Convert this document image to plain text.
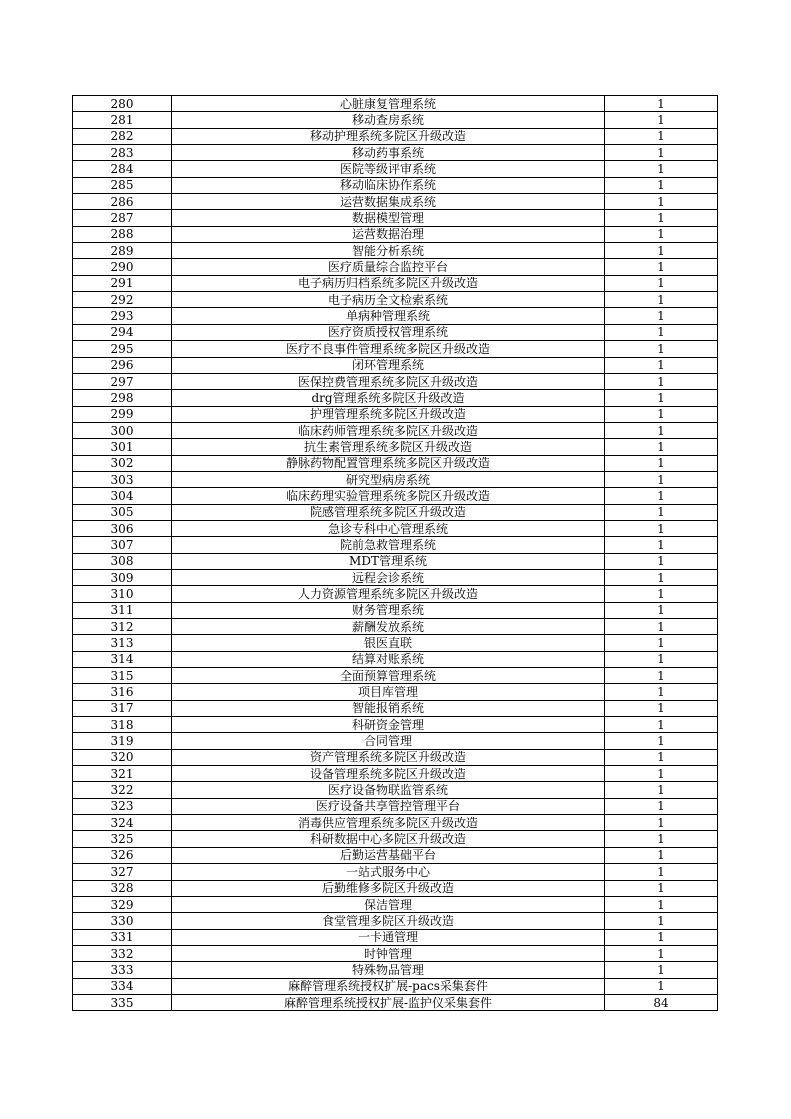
280	心脏康复管理系统	1
281	移动查房系统	1
282	移动护理系统多院区升级改造	1
283	移动药事系统	1
284	医院等级评审系统	1
285	移动临床协作系统	1
286	运营数据集成系统	1
287	数据模型管理	1
288	运营数据治理	1
289	智能分析系统	1
290	医疗质量综合监控平台	1
291	电子病历归档系统多院区升级改造	1
292	电子病历全文检索系统	1
293	单病种管理系统	1
294	医疗资质授权管理系统	1
295	医疗不良事件管理系统多院区升级改造	1
296	闭环管理系统	1
297	医保控费管理系统多院区升级改造	1
298	drg管理系统多院区升级改造	1
299	护理管理系统多院区升级改造	1
300	临床药师管理系统多院区升级改造	1
301	抗生素管理系统多院区升级改造	1
302	静脉药物配置管理系统多院区升级改造	1
303	研究型病房系统	1
304	临床药理实验管理系统多院区升级改造	1
305	院感管理系统多院区升级改造	1
306	急诊专科中心管理系统	1
307	院前急救管理系统	1
308	MDT管理系统	1
309	远程会诊系统	1
310	人力资源管理系统多院区升级改造	1
311	财务管理系统	1
312	薪酬发放系统	1
313	银医直联	1
314	结算对账系统	1
315	全面预算管理系统	1
316	项目库管理	1
317	智能报销系统	1
318	科研资金管理	1
319	合同管理	1
320	资产管理系统多院区升级改造	1
321	设备管理系统多院区升级改造	1
322	医疗设备物联监管系统	1
323	医疗设备共享管控管理平台	1
324	消毒供应管理系统多院区升级改造	1
325	科研数据中心多院区升级改造	1
326	后勤运营基础平台	1
327	一站式服务中心	1
328	后勤维修多院区升级改造	1
329	保洁管理	1
330	食堂管理多院区升级改造	1
331	一卡通管理	1
332	时钟管理	1
333	特殊物品管理	1
334	麻醉管理系统授权扩展-pacs采集套件	1
335	麻醉管理系统授权扩展-监护仪采集套件	84
